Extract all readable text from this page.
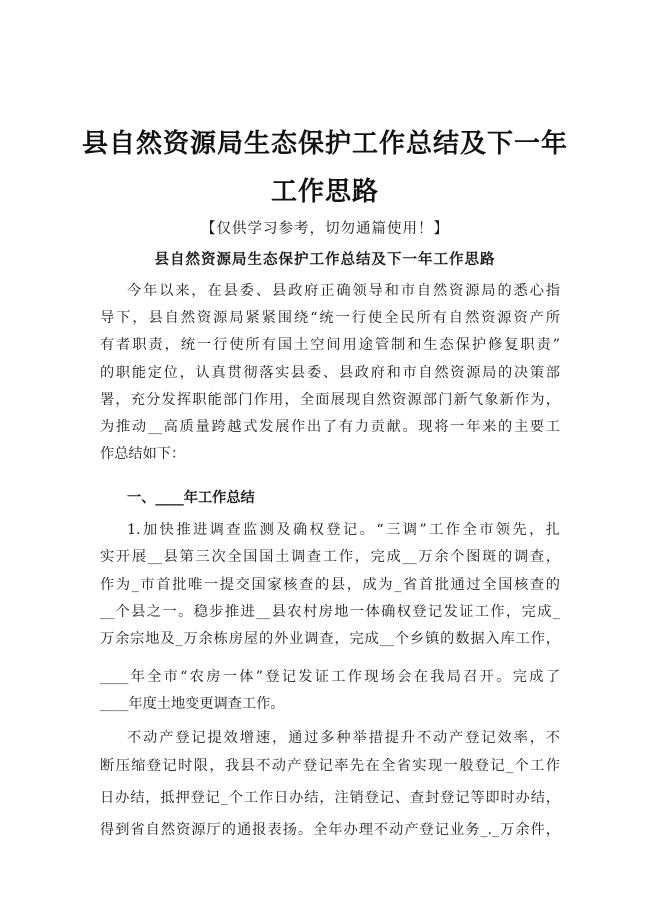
县自然资源局生态保护工作总结及下一年
工作思路
【仅供学习参考，切勿通篇使用！】
县自然资源局生态保护工作总结及下一年工作思路
今年以来，在县委、县政府正确领导和市自然资源局的悉心指
导下，县自然资源局紧紧围绕“统一行使全民所有自然资源资产所
有者职责，统一行使所有国土空间用途管制和生态保护修复职责”
的职能定位，认真贯彻落实县委、县政府和市自然资源局的决策部
署，充分发挥职能部门作用，全面展现自然资源部门新气象新作为，
为推动__高质量跨越式发展作出了有力贡献。现将一年来的主要工
作总结如下：
一、____年工作总结
1.加快推进调查监测及确权登记。“三调”工作全市领先，扎
实开展__县第三次全国国土调查工作，完成__万余个图斑的调查，
作为_市首批唯一提交国家核查的县，成为_省首批通过全国核查的
__个县之一。稳步推进__县农村房地一体确权登记发证工作，完成_
万余宗地及_万余栋房屋的外业调查，完成__个乡镇的数据入库工作，
____年全市“农房一体”登记发证工作现场会在我局召开。完成了
____年度土地变更调查工作。
不动产登记提效增速，通过多种举措提升不动产登记效率，不
断压缩登记时限，我县不动产登记率先在全省实现一般登记_个工作
日办结，抵押登记_个工作日办结，注销登记、查封登记等即时办结，
得到省自然资源厅的通报表扬。全年办理不动产登记业务_._万余件，
